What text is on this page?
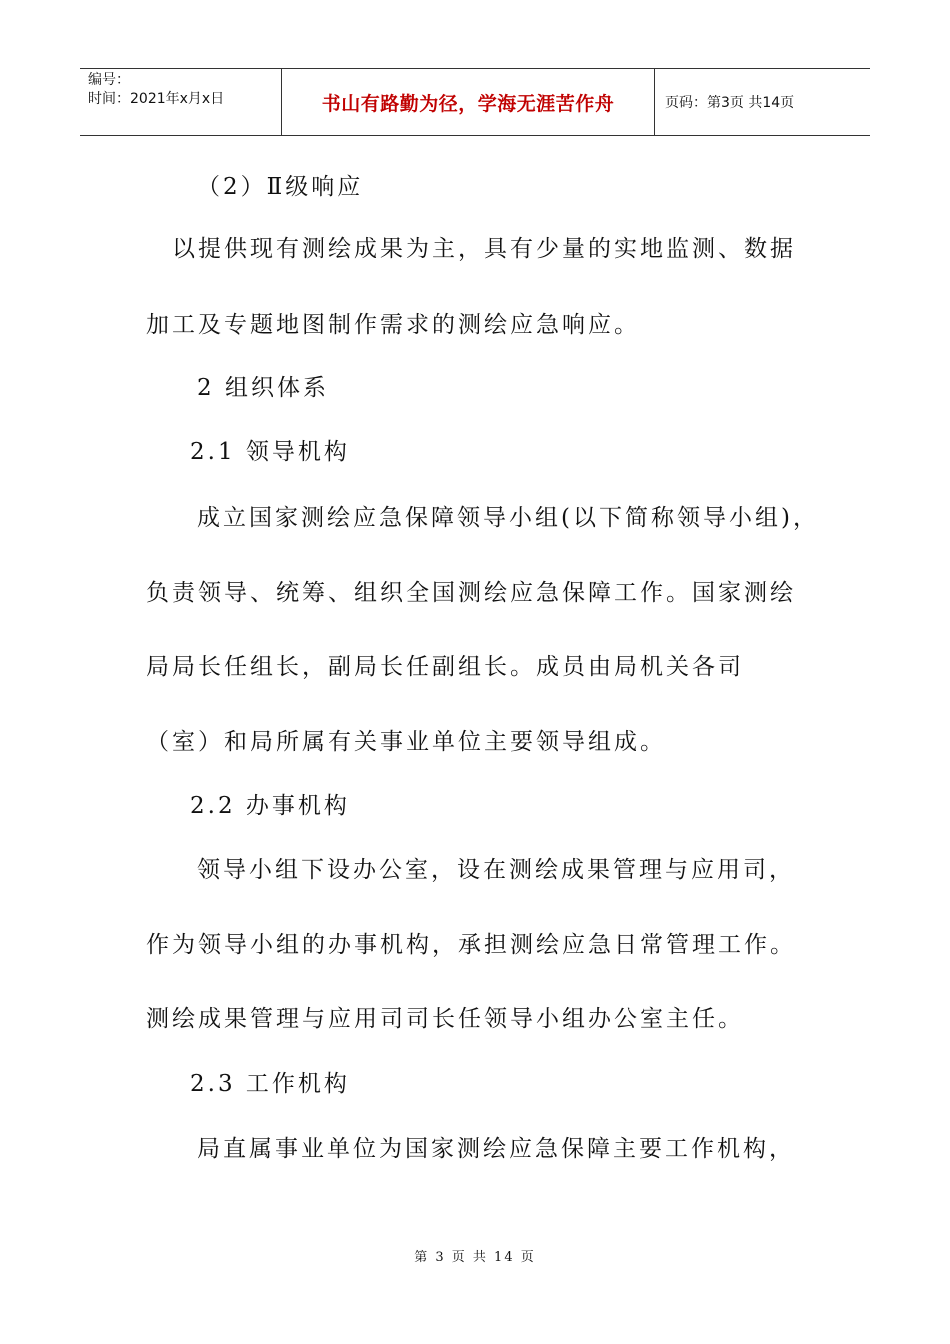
编号：
时间：2021年x月x日	书山有路勤为径，学海无涯苦作舟	页码：第3页 共14页
（2）Ⅱ级响应
以提供现有测绘成果为主，具有少量的实地监测、数据
加工及专题地图制作需求的测绘应急响应。
2 组织体系
2.1 领导机构
成立国家测绘应急保障领导小组(以下简称领导小组)，
负责领导、统筹、组织全国测绘应急保障工作。国家测绘
局局长任组长，副局长任副组长。成员由局机关各司
（室）和局所属有关事业单位主要领导组成。
2.2 办事机构
领导小组下设办公室，设在测绘成果管理与应用司，
作为领导小组的办事机构，承担测绘应急日常管理工作。
测绘成果管理与应用司司长任领导小组办公室主任。
2.3 工作机构
局直属事业单位为国家测绘应急保障主要工作机构，
第 3 页 共 14 页
